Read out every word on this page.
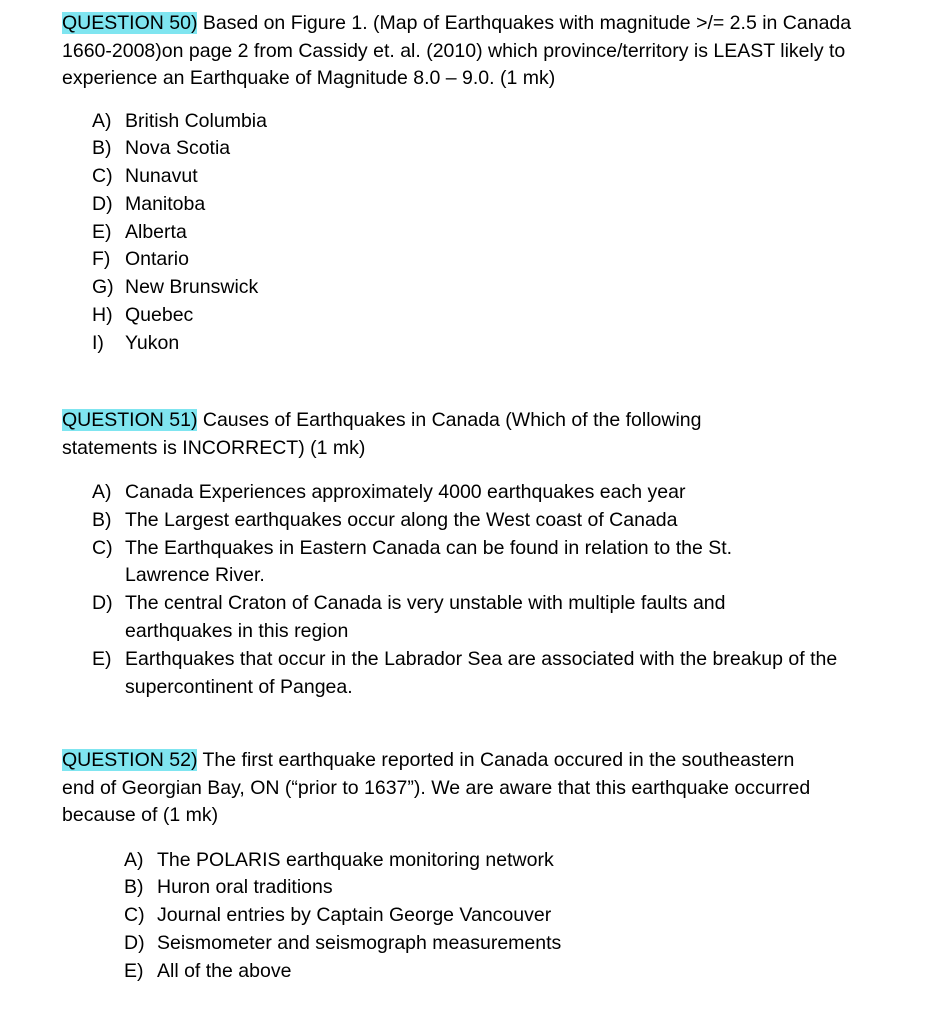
QUESTION 50) Based on Figure 1. (Map of Earthquakes with magnitude >/= 2.5 in Canada 1660-2008)on page 2 from Cassidy et. al. (2010) which province/territory is LEAST likely to experience an Earthquake of Magnitude 8.0 – 9.0. (1 mk)

A) British Columbia
B) Nova Scotia
C) Nunavut
D) Manitoba
E) Alberta
F) Ontario
G) New Brunswick
H) Quebec
I) Yukon

QUESTION 51) Causes of Earthquakes in Canada (Which of the following statements is INCORRECT) (1 mk)

A) Canada Experiences approximately 4000 earthquakes each year
B) The Largest earthquakes occur along the West coast of Canada
C) The Earthquakes in Eastern Canada can be found in relation to the St. Lawrence River.
D) The central Craton of Canada is very unstable with multiple faults and earthquakes in this region
E) Earthquakes that occur in the Labrador Sea are associated with the breakup of the supercontinent of Pangea.

QUESTION 52) The first earthquake reported in Canada occured in the southeastern end of Georgian Bay, ON (“prior to 1637”). We are aware that this earthquake occurred because of (1 mk)

A) The POLARIS earthquake monitoring network
B) Huron oral traditions
C) Journal entries by Captain George Vancouver
D) Seismometer and seismograph measurements
E) All of the above
